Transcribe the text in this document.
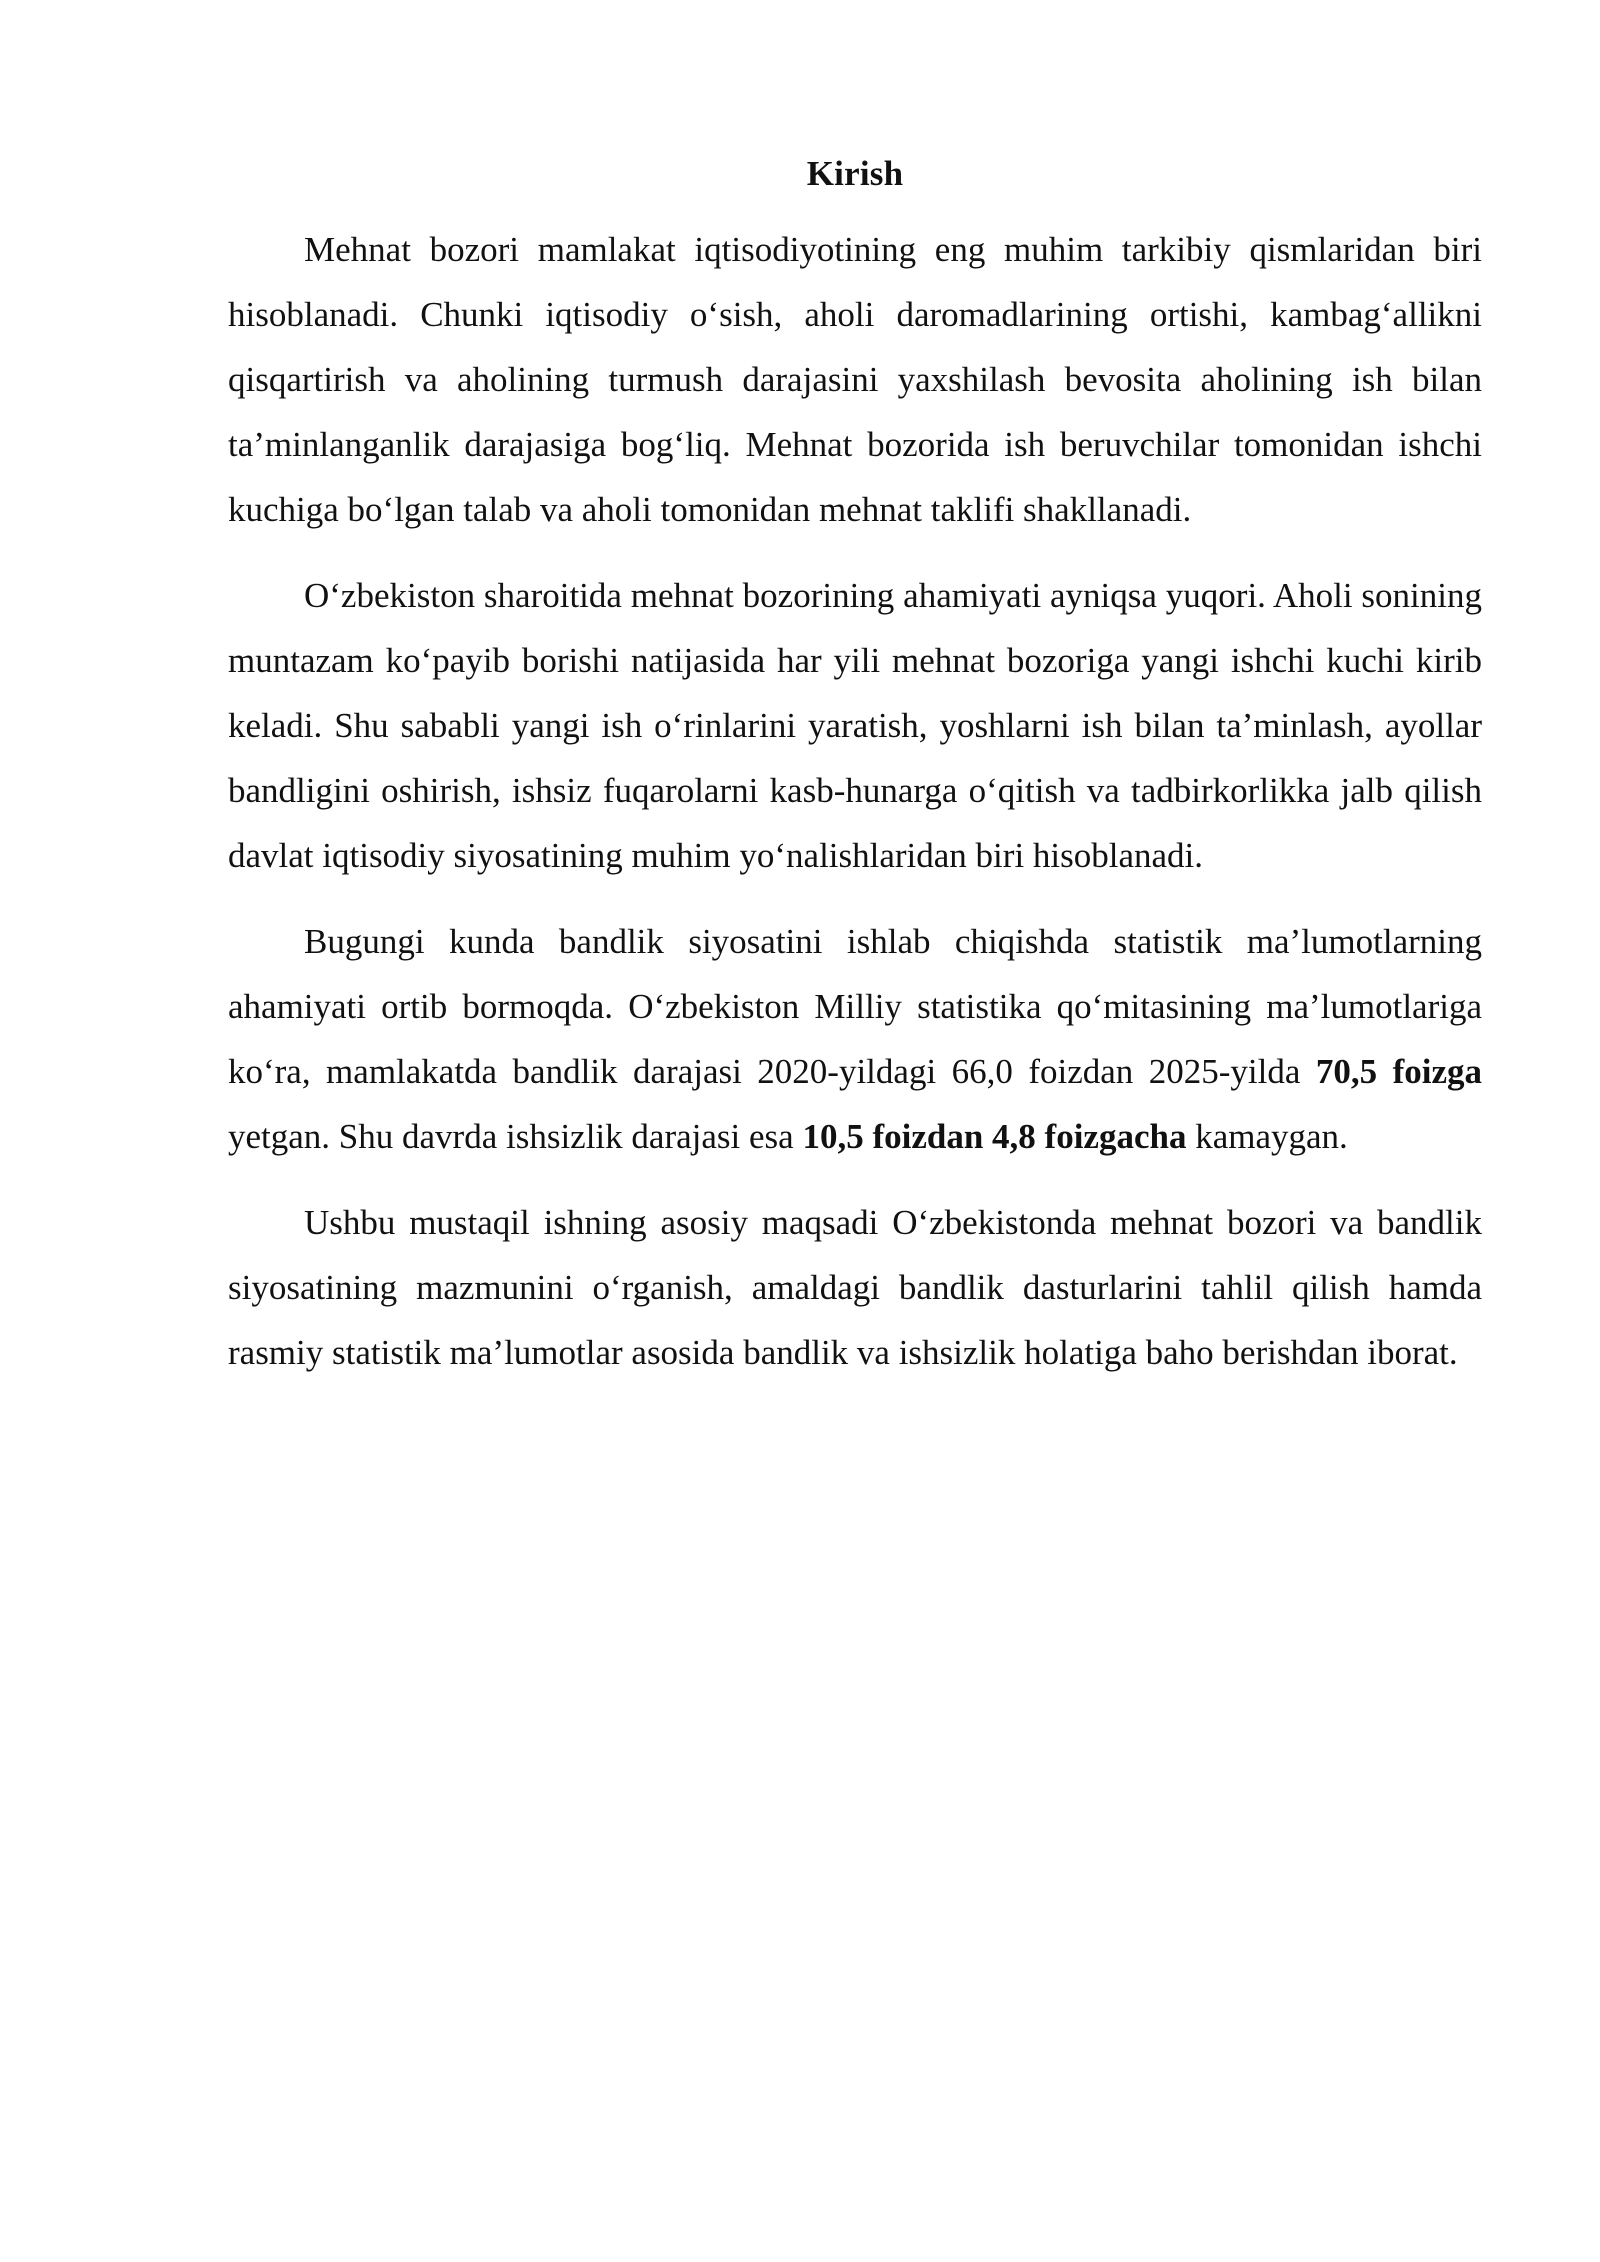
Kirish

Mehnat bozori mamlakat iqtisodiyotining eng muhim tarkibiy qismlaridan biri hisoblanadi. Chunki iqtisodiy o‘sish, aholi daromadlarining ortishi, kambag‘allikni qisqartirish va aholining turmush darajasini yaxshilash bevosita aholining ish bilan ta’minlanganlik darajasiga bog‘liq. Mehnat bozorida ish beruvchilar tomonidan ishchi kuchiga bo‘lgan talab va aholi tomonidan mehnat taklifi shakllanadi.

O‘zbekiston sharoitida mehnat bozorining ahamiyati ayniqsa yuqori. Aholi sonining muntazam ko‘payib borishi natijasida har yili mehnat bozoriga yangi ishchi kuchi kirib keladi. Shu sababli yangi ish o‘rinlarini yaratish, yoshlarni ish bilan ta’minlash, ayollar bandligini oshirish, ishsiz fuqarolarni kasb-hunarga o‘qitish va tadbirkorlikka jalb qilish davlat iqtisodiy siyosatining muhim yo‘nalishlaridan biri hisoblanadi.

Bugungi kunda bandlik siyosatini ishlab chiqishda statistik ma’lumotlarning ahamiyati ortib bormoqda. O‘zbekiston Milliy statistika qo‘mitasining ma’lumotlariga ko‘ra, mamlakatda bandlik darajasi 2020-yildagi 66,0 foizdan 2025-yilda 70,5 foizga yetgan. Shu davrda ishsizlik darajasi esa 10,5 foizdan 4,8 foizgacha kamaygan.

Ushbu mustaqil ishning asosiy maqsadi O‘zbekistonda mehnat bozori va bandlik siyosatining mazmunini o‘rganish, amaldagi bandlik dasturlarini tahlil qilish hamda rasmiy statistik ma’lumotlar asosida bandlik va ishsizlik holatiga baho berishdan iborat.
